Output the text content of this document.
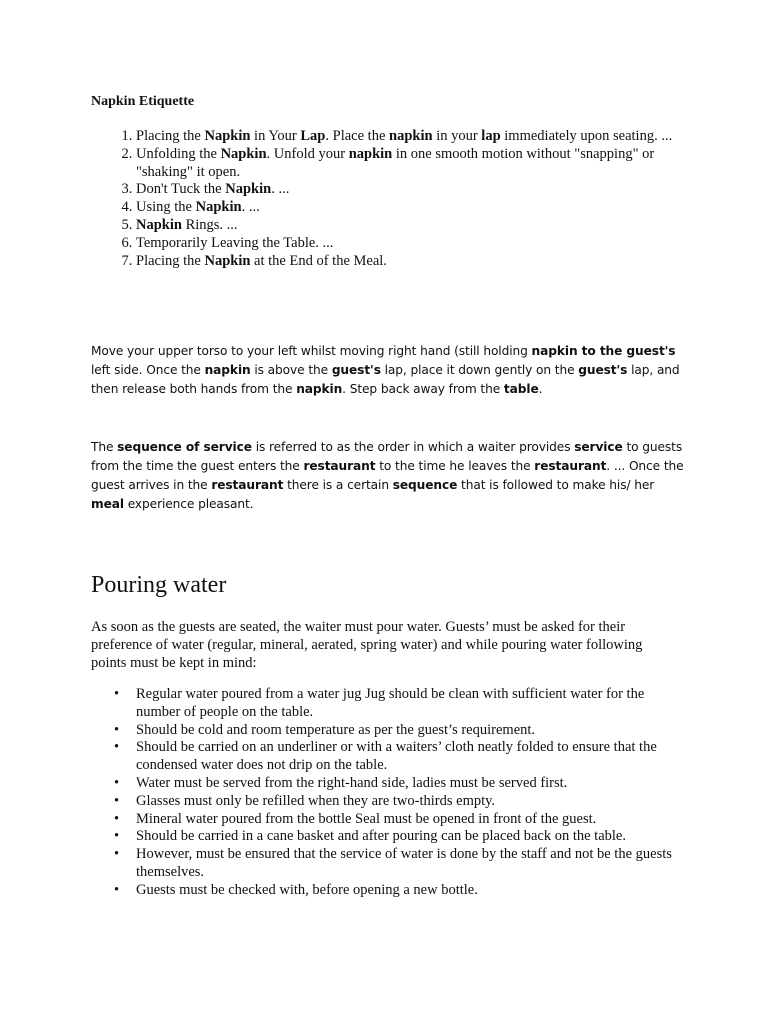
Napkin Etiquette
1. Placing the Napkin in Your Lap. Place the napkin in your lap immediately upon seating. ...
2. Unfolding the Napkin. Unfold your napkin in one smooth motion without "snapping" or "shaking" it open.
3. Don't Tuck the Napkin. ...
4. Using the Napkin. ...
5. Napkin Rings. ...
6. Temporarily Leaving the Table. ...
7. Placing the Napkin at the End of the Meal.

Move your upper torso to your left whilst moving right hand (still holding napkin to the guest's left side. Once the napkin is above the guest's lap, place it down gently on the guest's lap, and then release both hands from the napkin. Step back away from the table.

The sequence of service is referred to as the order in which a waiter provides service to guests from the time the guest enters the restaurant to the time he leaves the restaurant. ... Once the guest arrives in the restaurant there is a certain sequence that is followed to make his/ her meal experience pleasant.

Pouring water

As soon as the guests are seated, the waiter must pour water. Guests’ must be asked for their preference of water (regular, mineral, aerated, spring water) and while pouring water following points must be kept in mind:

• Regular water poured from a water jug Jug should be clean with sufficient water for the number of people on the table.
• Should be cold and room temperature as per the guest’s requirement.
• Should be carried on an underliner or with a waiters’ cloth neatly folded to ensure that the condensed water does not drip on the table.
• Water must be served from the right-hand side, ladies must be served first.
• Glasses must only be refilled when they are two-thirds empty.
• Mineral water poured from the bottle Seal must be opened in front of the guest.
• Should be carried in a cane basket and after pouring can be placed back on the table.
• However, must be ensured that the service of water is done by the staff and not be the guests themselves.
• Guests must be checked with, before opening a new bottle.
